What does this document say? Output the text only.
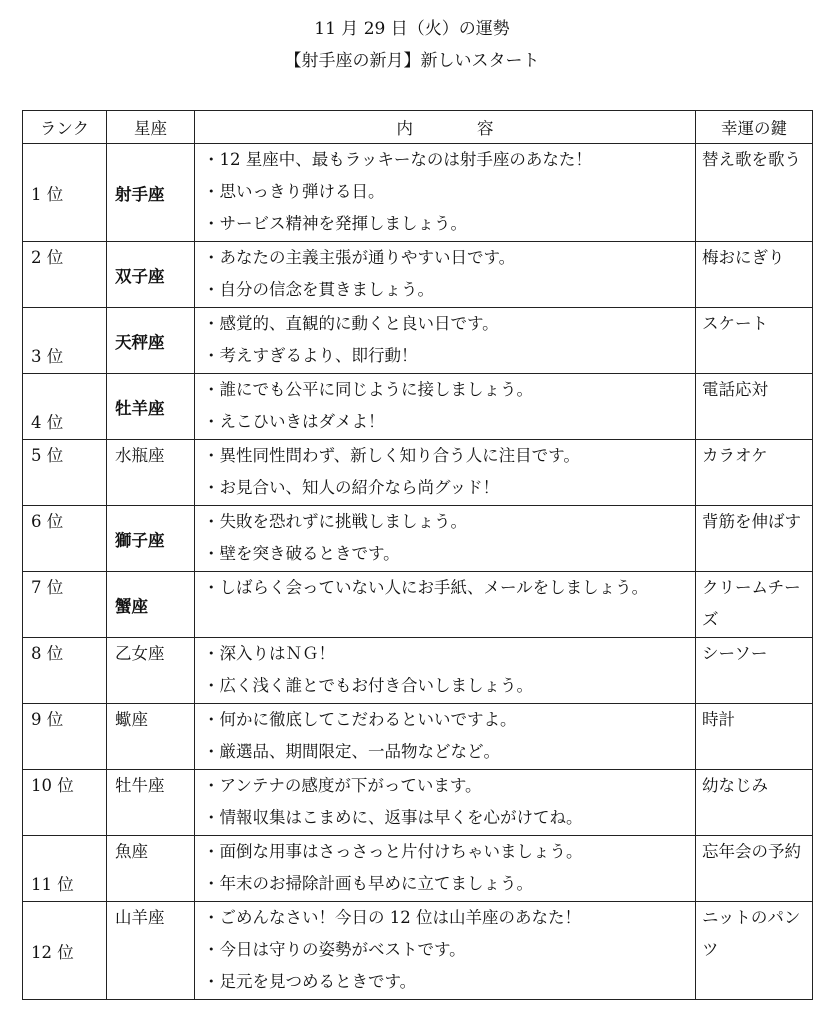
11 月 29 日（火）の運勢
【射手座の新月】新しいスタート
ランク	星座	内 容	幸運の鍵
1 位	射手座	・12 星座中、最もラッキーなのは射手座のあなた！
・思いっきり弾ける日。
・サービス精神を発揮しましょう。	替え歌を歌う

2 位	双子座	・あなたの主義主張が通りやすい日です。
・自分の信念を貫きましょう。	梅おにぎり

3 位	天秤座	・感覚的、直観的に動くと良い日です。
・考えすぎるより、即行動！	スケート

4 位	牡羊座	・誰にでも公平に同じように接しましょう。
・えこひいきはダメよ！	電話応対

5 位	水瓶座	・異性同性問わず、新しく知り合う人に注目です。
・お見合い、知人の紹介なら尚グッド！	カラオケ

6 位	獅子座	・失敗を恐れずに挑戦しましょう。
・壁を突き破るときです。	背筋を伸ばす

7 位	蟹座	・しばらく会っていない人にお手紙、メールをしましょう。	クリームチーズ

8 位	乙女座	・深入りはＮＧ！
・広く浅く誰とでもお付き合いしましょう。	シーソー

9 位	蠍座	・何かに徹底してこだわるといいですよ。
・厳選品、期間限定、一品物などなど。	時計

10 位	牡牛座	・アンテナの感度が下がっています。
・情報収集はこまめに、返事は早くを心がけてね。	幼なじみ

11 位	魚座	・面倒な用事はさっさっと片付けちゃいましょう。
・年末のお掃除計画も早めに立てましょう。	忘年会の予約
12 位	山羊座	・ごめんなさい！今日の 12 位は山羊座のあなた！
・今日は守りの姿勢がベストです。
・足元を見つめるときです。	ニットのパンツ
